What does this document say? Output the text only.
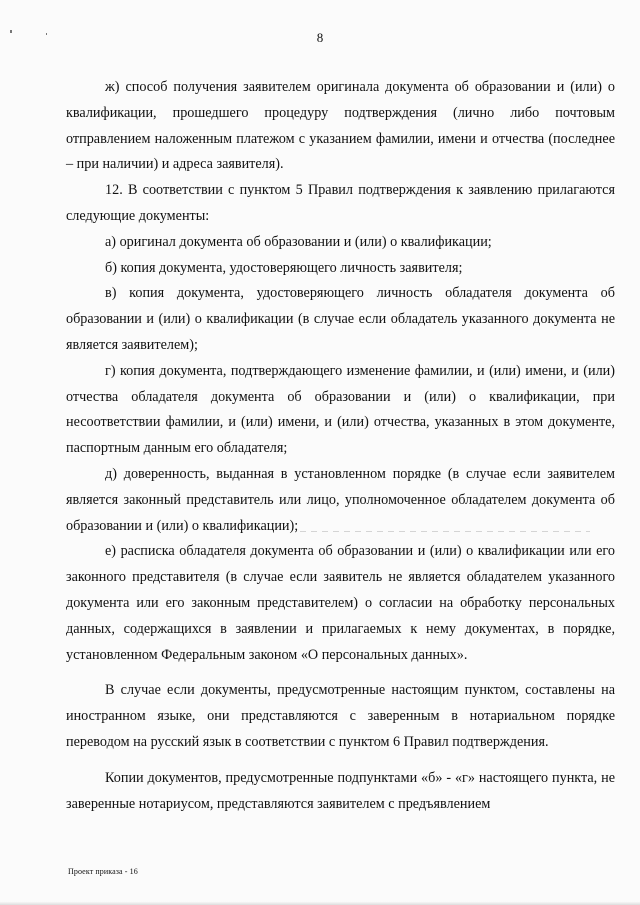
8

ж) способ получения заявителем оригинала документа об образовании и (или) о квалификации, прошедшего процедуру подтверждения (лично либо почтовым отправлением наложенным платежом с указанием фамилии, имени и отчества (последнее – при наличии) и адреса заявителя).

12. В соответствии с пунктом 5 Правил подтверждения к заявлению прилагаются следующие документы:

а) оригинал документа об образовании и (или) о квалификации;

б) копия документа, удостоверяющего личность заявителя;

в) копия документа, удостоверяющего личность обладателя документа об образовании и (или) о квалификации (в случае если обладатель указанного документа не является заявителем);

г) копия документа, подтверждающего изменение фамилии, и (или) имени, и (или) отчества обладателя документа об образовании и (или) о квалификации, при несоответствии фамилии, и (или) имени, и (или) отчества, указанных в этом документе, паспортным данным его обладателя;

д) доверенность, выданная в установленном порядке (в случае если заявителем является законный представитель или лицо, уполномоченное обладателем документа об образовании и (или) о квалификации);

е) расписка обладателя документа об образовании и (или) о квалификации или его законного представителя (в случае если заявитель не является обладателем указанного документа или его законным представителем) о согласии на обработку персональных данных, содержащихся в заявлении и прилагаемых к нему документах, в порядке, установленном Федеральным законом «О персональных данных».

В случае если документы, предусмотренные настоящим пунктом, составлены на иностранном языке, они представляются с заверенным в нотариальном порядке переводом на русский язык в соответствии с пунктом 6 Правил подтверждения.

Копии документов, предусмотренные подпунктами «б» - «г» настоящего пункта, не заверенные нотариусом, представляются заявителем с предъявлением

Проект приказа - 16
